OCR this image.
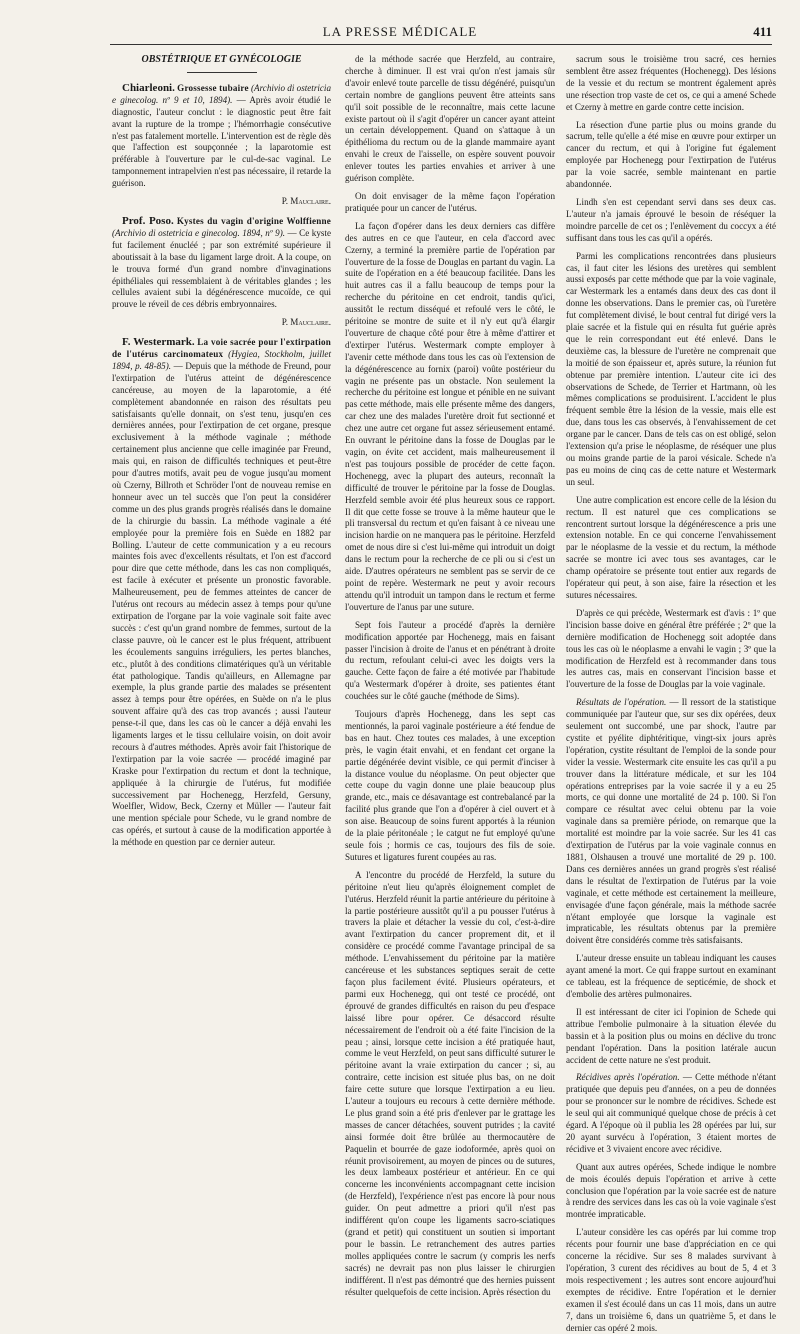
LA PRESSE MÉDICALE	411
OBSTÉTRIQUE ET GYNÉCOLOGIE

Chiarleoni. Grossesse tubaire (Archivio di ostetricia e ginecolog. nº 9 et 10, 1894). — Après avoir étudié le diagnostic, l'auteur conclut : le diagnostic peut être fait avant la rupture de la trompe ; l'hémorrhagie consécutive n'est pas fatalement mortelle. L'intervention est de règle dès que l'affection est soupçonnée ; la laparotomie est préférable à l'ouverture par le cul-de-sac vaginal. Le tamponnement intrapelvien n'est pas nécessaire, il retarde la guérison.

P. Mauclaire.

Prof. Poso. Kystes du vagin d'origine Wolffienne (Archivio di ostetricia e ginecolog. 1894, nº 9). — Ce kyste fut facilement énucléé ; par son extrémité supérieure il aboutissait à la base du ligament large droit. A la coupe, on le trouva formé d'un grand nombre d'invaginations épithéliales qui ressemblaient à de véritables glandes ; les cellules avaient subi la dégénérescence mucoïde, ce qui prouve le réveil de ces débris embryonnaires.

P. Mauclaire.

F. Westermark. La voie sacrée pour l'extirpation de l'utérus carcinomateux (Hygiea, Stockholm, juillet 1894, p. 48-85). — Depuis que la méthode de Freund, pour l'extirpation de l'utérus atteint de dégénérescence cancéreuse, au moyen de la laparotomie, a été complètement abandonnée en raison des résultats peu satisfaisants qu'elle donnait, on s'est tenu, jusqu'en ces dernières années, pour l'extirpation de cet organe, presque exclusivement à la méthode vaginale ; méthode certainement plus ancienne que celle imaginée par Freund, mais qui, en raison de difficultés techniques et peut-être pour d'autres motifs, avait peu de vogue jusqu'au moment où Czerny, Billroth et Schröder l'ont de nouveau remise en honneur avec un tel succès que l'on peut la considérer comme un des plus grands progrès réalisés dans le domaine de la chirurgie du bassin. La méthode vaginale a été employée pour la première fois en Suède en 1882 par Bolling. L'auteur de cette communication y a eu recours maintes fois avec d'excellents résultats, et l'on est d'accord pour dire que cette méthode, dans les cas non compliqués, est facile à exécuter et présente un pronostic favorable. Malheureusement, peu de femmes atteintes de cancer de l'utérus ont recours au médecin assez à temps pour qu'une extirpation de l'organe par la voie vaginale soit faite avec succès : c'est qu'un grand nombre de femmes, surtout de la classe pauvre, où le cancer est le plus fréquent, attribuent les écoulements sanguins irréguliers, les pertes blanches, etc., plutôt à des conditions climatériques qu'à un véritable état pathologique. Tandis qu'ailleurs, en Allemagne par exemple, la plus grande partie des malades se présentent assez à temps pour être opérées, en Suède on n'a le plus souvent affaire qu'à des cas trop avancés ; aussi l'auteur pense-t-il que, dans les cas où le cancer a déjà envahi les ligaments larges et le tissu cellulaire voisin, on doit avoir recours à d'autres méthodes. Après avoir fait l'historique de l'extirpation par la voie sacrée — procédé imaginé par Kraske pour l'extirpation du rectum et dont la technique, appliquée à la chirurgie de l'utérus, fut modifiée successivement par Hochenegg, Herzfeld, Gersuny, Woelfler, Widow, Beck, Czerny et Müller — l'auteur fait une mention spéciale pour Schede, vu le grand nombre de cas opérés, et surtout à cause de la modification apportée à la méthode en question par ce dernier auteur.

de la méthode sacrée que Herzfeld, au contraire, cherche à diminuer. Il est vrai qu'on n'est jamais sûr d'avoir enlevé toute parcelle de tissu dégénéré, puisqu'un certain nombre de ganglions peuvent être atteints sans qu'il soit possible de le reconnaître, mais cette lacune existe partout où il s'agit d'opérer un cancer ayant atteint un certain développement. Quand on s'attaque à un épithélioma du rectum ou de la glande mammaire ayant envahi le creux de l'aisselle, on espère souvent pouvoir enlever toutes les parties envahies et arriver à une guérison complète.

On doit envisager de la même façon l'opération pratiquée pour un cancer de l'utérus.

La façon d'opérer dans les deux derniers cas diffère des autres en ce que l'auteur, en cela d'accord avec Czerny, a terminé la première partie de l'opération par l'ouverture de la fosse de Douglas en partant du vagin. La suite de l'opération en a été beaucoup facilitée. Dans les huit autres cas il a fallu beaucoup de temps pour la recherche du péritoine en cet endroit, tandis qu'ici, aussitôt le rectum disséqué et refoulé vers le côté, le péritoine se montre de suite et il n'y eut qu'à élargir l'ouverture de chaque côté pour être à même d'attirer et d'extirper l'utérus. Westermark compte employer à l'avenir cette méthode dans tous les cas où l'extension de la dégénérescence au fornix (paroi) voûte postérieur du vagin ne présente pas un obstacle. Non seulement la recherche du péritoine est longue et pénible en ne suivant pas cette méthode, mais elle présente même des dangers, car chez une des malades l'uretère droit fut sectionné et chez une autre cet organe fut assez sérieusement entamé. En ouvrant le péritoine dans la fosse de Douglas par le vagin, on évite cet accident, mais malheureusement il n'est pas toujours possible de procéder de cette façon. Hochenegg, avec la plupart des auteurs, reconnaît la difficulté de trouver le péritoine par la fosse de Douglas. Herzfeld semble avoir été plus heureux sous ce rapport. Il dit que cette fosse se trouve à la même hauteur que le pli transversal du rectum et qu'en faisant à ce niveau une incision hardie on ne manquera pas le péritoine. Herzfeld omet de nous dire si c'est lui-même qui introduit un doigt dans le rectum pour la recherche de ce pli ou si c'est un aide. D'autres opérateurs ne semblent pas se servir de ce point de repère. Westermark ne peut y avoir recours attendu qu'il introduit un tampon dans le rectum et ferme l'ouverture de l'anus par une suture.

Sept fois l'auteur a procédé d'après la dernière modification apportée par Hochenegg, mais en faisant passer l'incision à droite de l'anus et en pénétrant à droite du rectum, refoulant celui-ci avec les doigts vers la gauche. Cette façon de faire a été motivée par l'habitude qu'a Westermark d'opérer à droite, ses patientes étant couchées sur le côté gauche (méthode de Sims).

Toujours d'après Hochenegg, dans les sept cas mentionnés, la paroi vaginale postérieure a été fendue de bas en haut. Chez toutes ces malades, à une exception près, le vagin était envahi, et en fendant cet organe la partie dégénérée devint visible, ce qui permit d'inciser à la distance voulue du néoplasme. On peut objecter que cette coupe du vagin donne une plaie beaucoup plus grande, etc., mais ce désavantage est contrebalancé par la facilité plus grande que l'on a d'opérer à ciel ouvert et à son aise. Beaucoup de soins furent apportés à la réunion de la plaie péritonéale ; le catgut ne fut employé qu'une seule fois ; hormis ce cas, toujours des fils de soie. Sutures et ligatures furent coupées au ras.

A l'encontre du procédé de Herzfeld, la suture du péritoine n'eut lieu qu'après éloignement complet de l'utérus. Herzfeld réunit la partie antérieure du péritoine à la partie postérieure aussitôt qu'il a pu pousser l'utérus à travers la plaie et détacher la vessie du col, c'est-à-dire avant l'extirpation du cancer proprement dit, et il considère ce procédé comme l'avantage principal de sa méthode. L'envahissement du péritoine par la matière cancéreuse et les substances septiques serait de cette façon plus facilement évité. Plusieurs opérateurs, et parmi eux Hochenegg, qui ont testé ce procédé, ont éprouvé de grandes difficultés en raison du peu d'espace laissé libre pour opérer. Ce désaccord résulte nécessairement de l'endroit où a été faite l'incision de la peau ; ainsi, lorsque cette incision a été pratiquée haut, comme le veut Herzfeld, on peut sans difficulté suturer le péritoine avant la vraie extirpation du cancer ; si, au contraire, cette incision est située plus bas, on ne doit faire cette suture que lorsque l'extirpation a eu lieu. L'auteur a toujours eu recours à cette dernière méthode. Le plus grand soin a été pris d'enlever par le grattage les masses de cancer détachées, souvent putrides ; la cavité ainsi formée doit être brûlée au thermocautère de Paquelin et bourrée de gaze iodoformée, après quoi on réunit provisoirement, au moyen de pinces ou de sutures, les deux lambeaux postérieur et antérieur. En ce qui concerne les inconvénients accompagnant cette incision (de Herzfeld), l'expérience n'est pas encore là pour nous guider. On peut admettre a priori qu'il n'est pas indifférent qu'on coupe les ligaments sacro-sciatiques (grand et petit) qui constituent un soutien si important pour le bassin. Le retranchement des autres parties molles appliquées contre le sacrum (y compris les nerfs sacrés) ne devrait pas non plus laisser le chirurgien indifférent. Il n'est pas démontré que des hernies puissent résulter quelquefois de cette incision. Après résection du

sacrum sous le troisième trou sacré, ces hernies semblent être assez fréquentes (Hochenegg). Des lésions de la vessie et du rectum se montrent également après une résection trop vaste de cet os, ce qui a amené Schede et Czerny à mettre en garde contre cette incision.

La résection d'une partie plus ou moins grande du sacrum, telle qu'elle a été mise en œuvre pour extirper un cancer du rectum, et qui à l'origine fut également employée par Hochenegg pour l'extirpation de l'utérus par la voie sacrée, semble maintenant en partie abandonnée.

Lindh s'en est cependant servi dans ses deux cas. L'auteur n'a jamais éprouvé le besoin de réséquer la moindre parcelle de cet os ; l'enlèvement du coccyx a été suffisant dans tous les cas qu'il a opérés.

Parmi les complications rencontrées dans plusieurs cas, il faut citer les lésions des uretères qui semblent aussi exposés par cette méthode que par la voie vaginale, car Westermark les a entamés dans deux des cas dont il donne les observations. Dans le premier cas, où l'uretère fut complètement divisé, le bout central fut dirigé vers la plaie sacrée et la fistule qui en résulta fut guérie après que le rein correspondant eut été enlevé. Dans le deuxième cas, la blessure de l'uretère ne comprenait que la moitié de son épaisseur et, après suture, la réunion fut obtenue par première intention. L'auteur cite ici des observations de Schede, de Terrier et Hartmann, où les mêmes complications se produisirent. L'accident le plus fréquent semble être la lésion de la vessie, mais elle est due, dans tous les cas observés, à l'envahissement de cet organe par le cancer. Dans de tels cas on est obligé, selon l'extension qu'a prise le néoplasme, de réséquer une plus ou moins grande partie de la paroi vésicale. Schede n'a pas eu moins de cinq cas de cette nature et Westermark un seul.

Une autre complication est encore celle de la lésion du rectum. Il est naturel que ces complications se rencontrent surtout lorsque la dégénérescence a pris une extension notable. En ce qui concerne l'envahissement par le néoplasme de la vessie et du rectum, la méthode sacrée se montre ici avec tous ses avantages, car le champ opératoire se présente tout entier aux regards de l'opérateur qui peut, à son aise, faire la résection et les sutures nécessaires.

D'après ce qui précède, Westermark est d'avis : 1º que l'incision basse doive en général être préférée ; 2º que la dernière modification de Hochenegg soit adoptée dans tous les cas où le néoplasme a envahi le vagin ; 3º que la modification de Herzfeld est à recommander dans tous les autres cas, mais en conservant l'incision basse et l'ouverture de la fosse de Douglas par la voie vaginale.

Résultats de l'opération. — Il ressort de la statistique communiquée par l'auteur que, sur ses dix opérées, deux seulement ont succombé, une par shock, l'autre par cystite et pyélite diphtéritique, vingt-six jours après l'opération, cystite résultant de l'emploi de la sonde pour vider la vessie. Westermark cite ensuite les cas qu'il a pu trouver dans la littérature médicale, et sur les 104 opérations entreprises par la voie sacrée il y a eu 25 morts, ce qui donne une mortalité de 24 p. 100. Si l'on compare ce résultat avec celui obtenu par la voie vaginale dans sa première période, on remarque que la mortalité est moindre par la voie sacrée. Sur les 41 cas d'extirpation de l'utérus par la voie vaginale connus en 1881, Olshausen a trouvé une mortalité de 29 p. 100. Dans ces dernières années un grand progrès s'est réalisé dans le résultat de l'extirpation de l'utérus par la voie vaginale, et cette méthode est certainement la meilleure, envisagée d'une façon générale, mais la méthode sacrée n'étant employée que lorsque la vaginale est impraticable, les résultats obtenus par la première doivent être considérés comme très satisfaisants.

L'auteur dresse ensuite un tableau indiquant les causes ayant amené la mort. Ce qui frappe surtout en examinant ce tableau, est la fréquence de septicémie, de shock et d'embolie des artères pulmonaires.

Il est intéressant de citer ici l'opinion de Schede qui attribue l'embolie pulmonaire à la situation élevée du bassin et à la position plus ou moins en déclive du tronc pendant l'opération. Dans la position latérale aucun accident de cette nature ne s'est produit.

Récidives après l'opération. — Cette méthode n'étant pratiquée que depuis peu d'années, on a peu de données pour se prononcer sur le nombre de récidives. Schede est le seul qui ait communiqué quelque chose de précis à cet égard. A l'époque où il publia les 28 opérées par lui, sur 20 ayant survécu à l'opération, 3 étaient mortes de récidive et 3 vivaient encore avec récidive.

Quant aux autres opérées, Schede indique le nombre de mois écoulés depuis l'opération et arrive à cette conclusion que l'opération par la voie sacrée est de nature à rendre des services dans les cas où la voie vaginale s'est montrée impraticable.

L'auteur considère les cas opérés par lui comme trop récents pour fournir une base d'appréciation en ce qui concerne la récidive. Sur ses 8 malades survivant à l'opération, 3 curent des récidives au bout de 5, 4 et 3 mois respectivement ; les autres sont encore aujourd'hui exemptes de récidive. Entre l'opération et le dernier examen il s'est écoulé dans un cas 11 mois, dans un autre 7, dans un troisième 6, dans un quatrième 5, et dans le dernier cas opéré 2 mois.
